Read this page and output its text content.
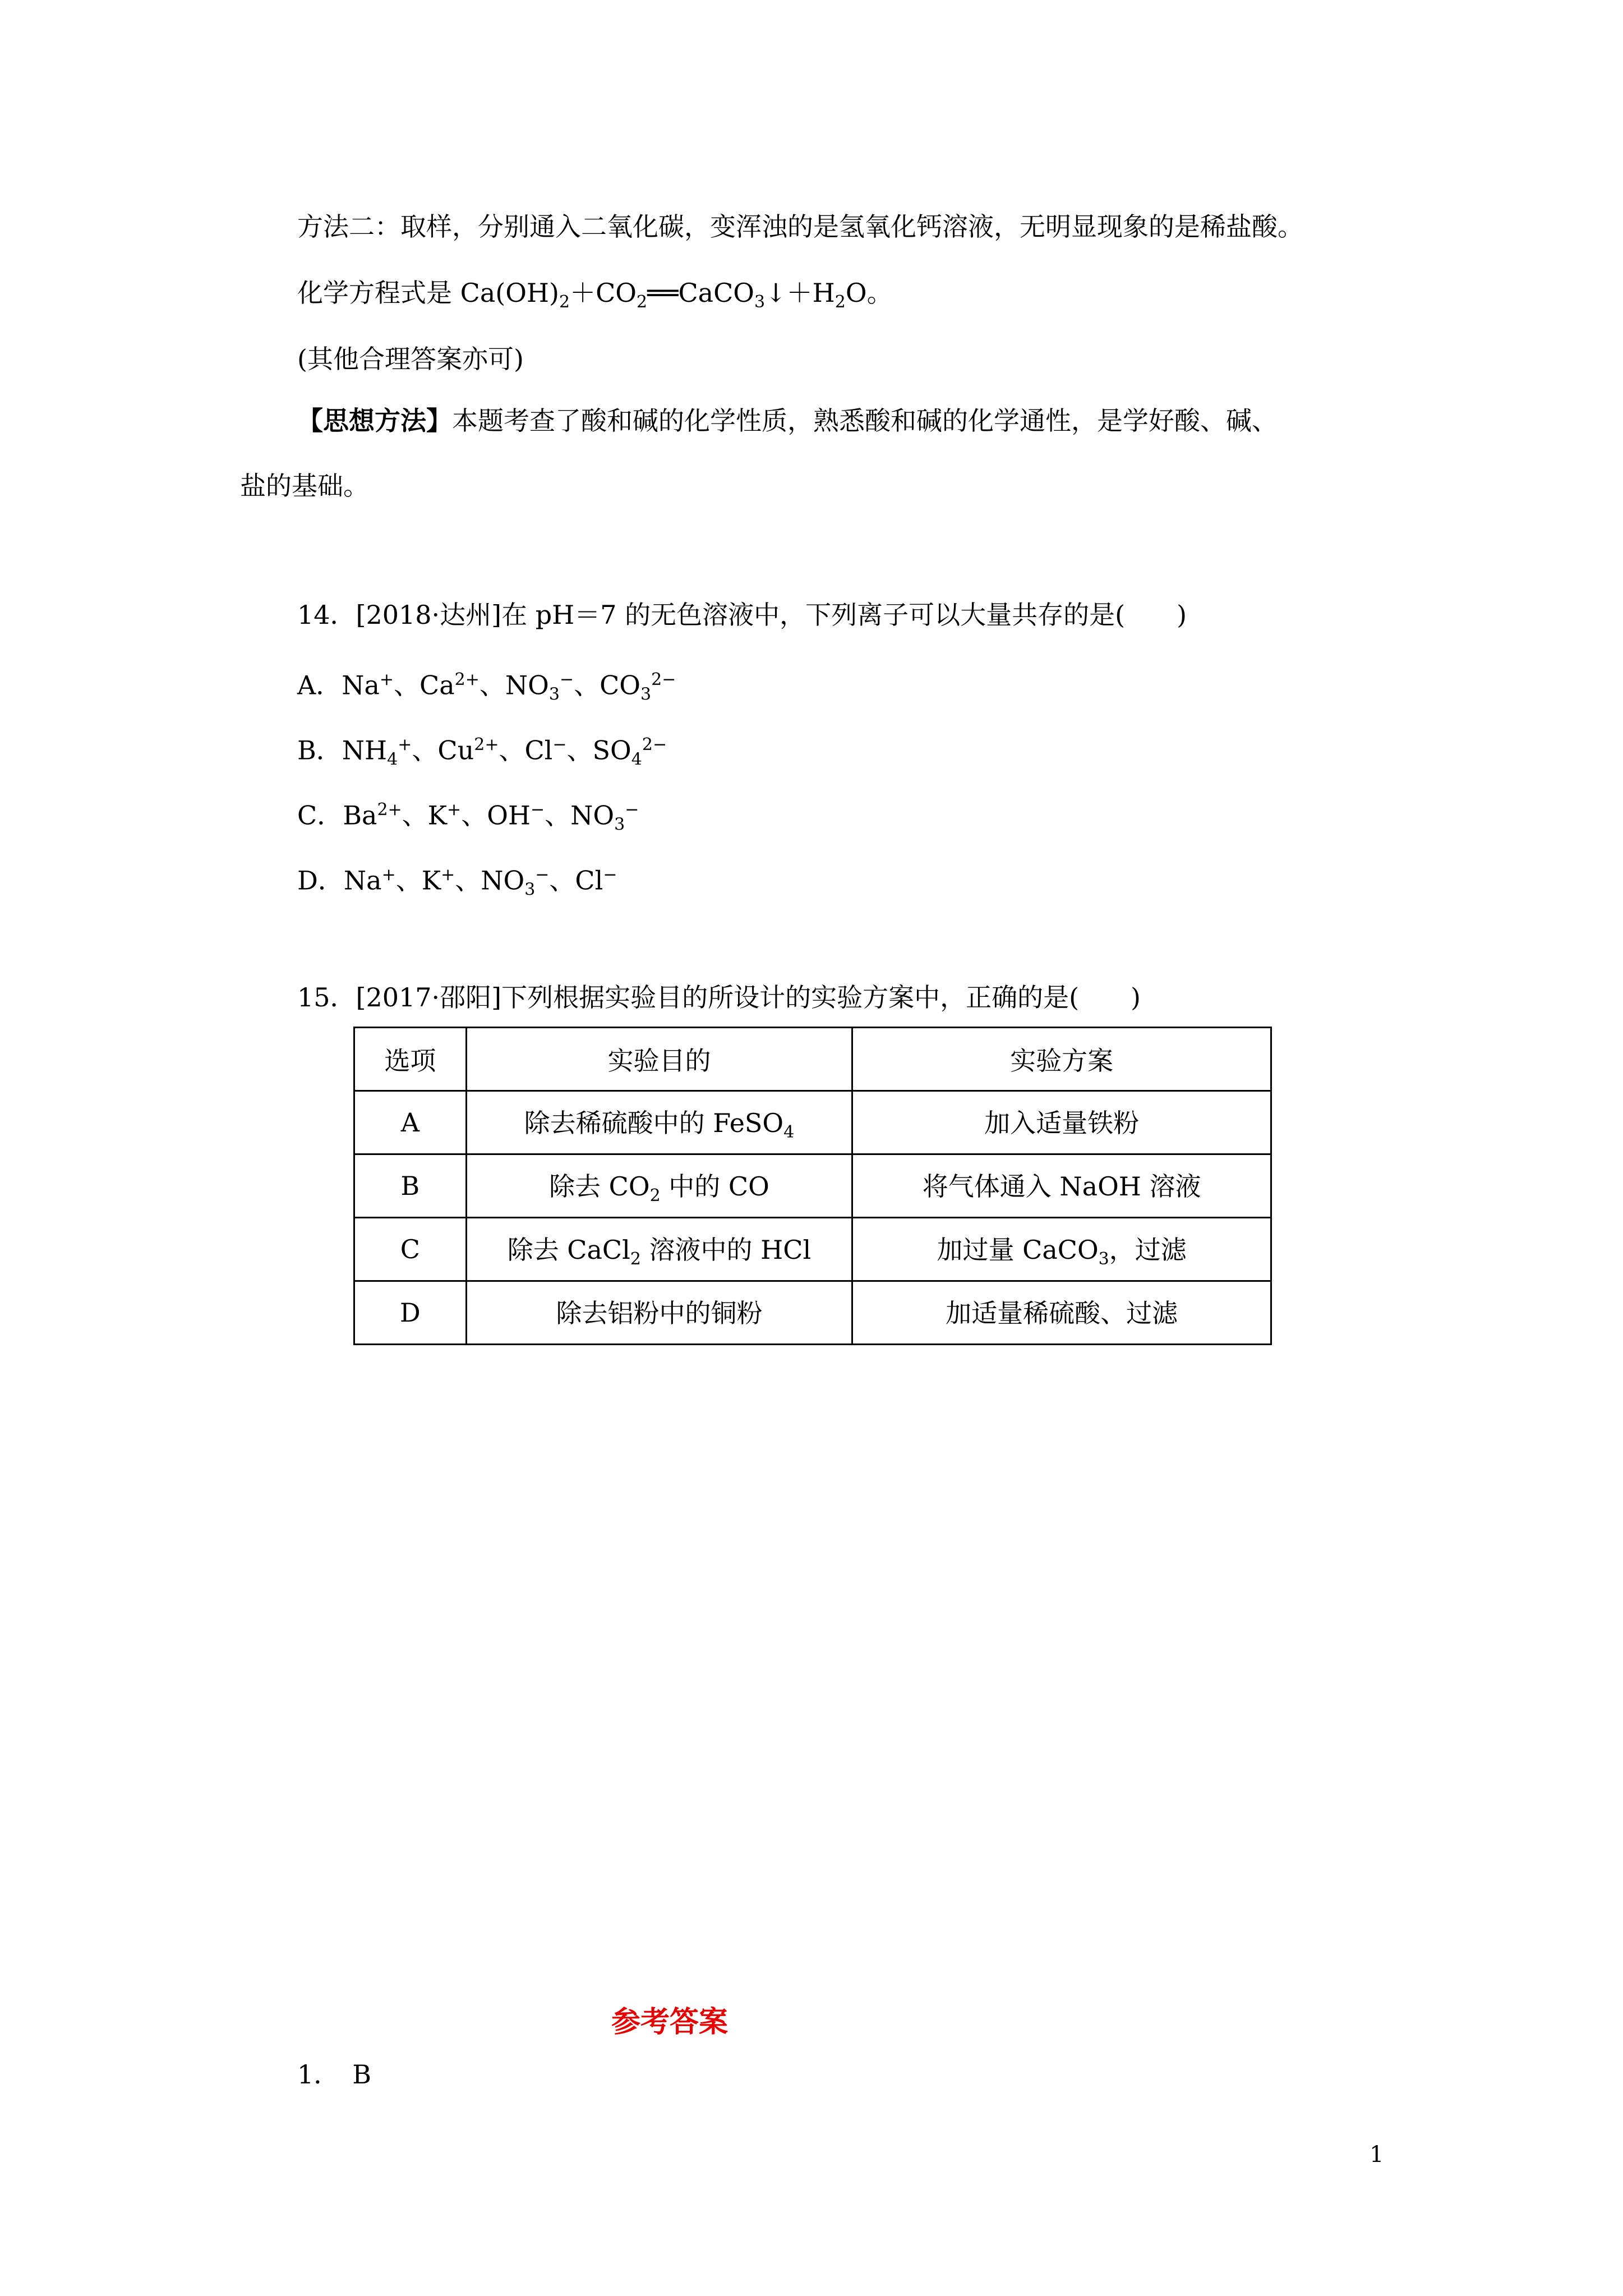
方法二：取样，分别通入二氧化碳，变浑浊的是氢氧化钙溶液，无明显现象的是稀盐酸。
化学方程式是 $Ca(OH)_2+CO_2══CaCO_3↓+H_2O$。
(其他合理答案亦可)
【思想方法】本题考查了酸和碱的化学性质，熟悉酸和碱的化学通性，是学好酸、碱、
盐的基础。
14．[2018·达州]在 pH＝7 的无色溶液中，下列离子可以大量共存的是(　　)
A．Na+、$Ca^{2+}$、$NO_3^-$、$CO_3^{2-}$
B．$NH_4^+$、$Cu^{2+}$、Cl−、$SO_4^{2-}$
C．$Ba^{2+}$、K+、OH−、$NO_3^-$
D．Na+、K+、$NO_3^-$、Cl−
15．[2017·邵阳]下列根据实验目的所设计的实验方案中，正确的是(　　)
选项	实验目的	实验方案
A	除去稀硫酸中的 FeSO$_4$	加入适量铁粉
B	除去 $CO_2$ 中的 CO	将气体通入 NaOH 溶液
C	除去 CaCl$_2$ 溶液中的 HCl	加过量 CaCO$_3$，过滤
D	除去铝粉中的铜粉	加适量稀硫酸、过滤
参考答案
1．　B
1
